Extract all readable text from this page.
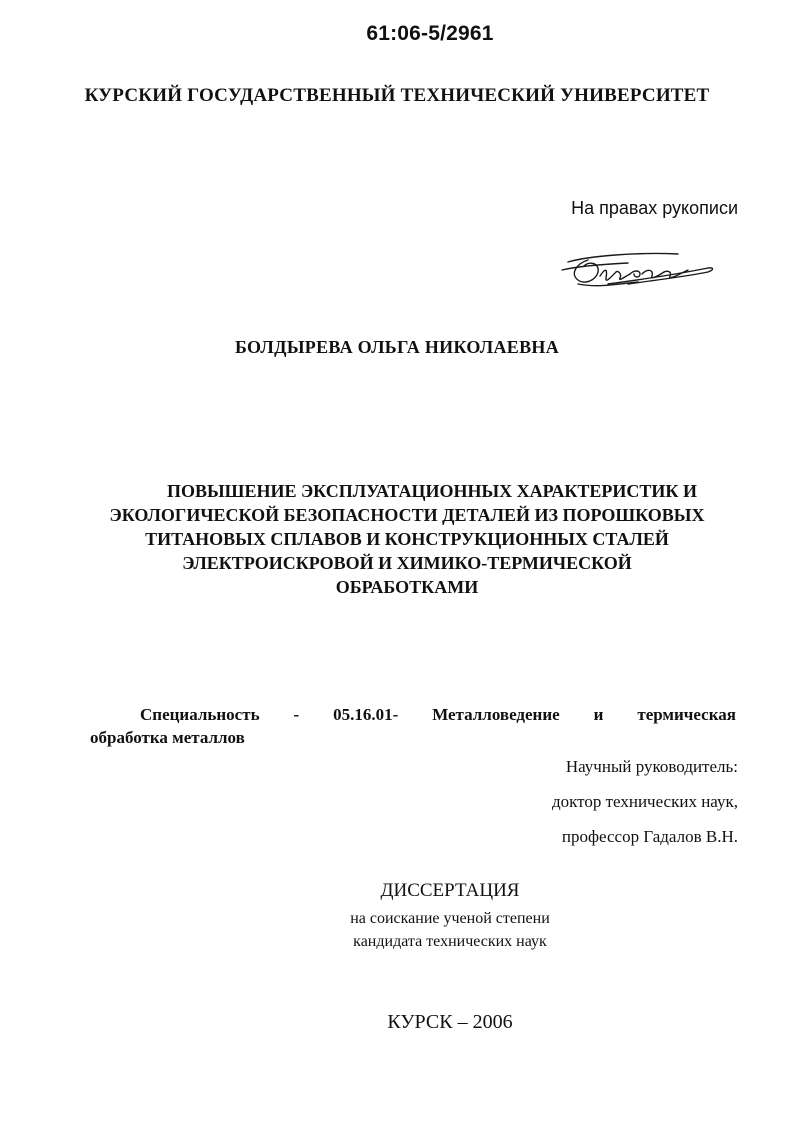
61:06-5/2961
КУРСКИЙ ГОСУДАРСТВЕННЫЙ ТЕХНИЧЕСКИЙ УНИВЕРСИТЕТ
На правах рукописи
БОЛДЫРЕВА ОЛЬГА НИКОЛАЕВНА
ПОВЫШЕНИЕ ЭКСПЛУАТАЦИОННЫХ ХАРАКТЕРИСТИК И
ЭКОЛОГИЧЕСКОЙ БЕЗОПАСНОСТИ ДЕТАЛЕЙ ИЗ ПОРОШКОВЫХ
ТИТАНОВЫХ СПЛАВОВ И КОНСТРУКЦИОННЫХ СТАЛЕЙ
ЭЛЕКТРОИСКРОВОЙ И ХИМИКО-ТЕРМИЧЕСКОЙ
ОБРАБОТКАМИ
Специальность - 05.16.01- Металловедение и термическая
обработка металлов
Научный руководитель:
доктор технических наук,
профессор Гадалов В.Н.
ДИССЕРТАЦИЯ
на соискание ученой степени
кандидата технических наук
КУРСК – 2006
